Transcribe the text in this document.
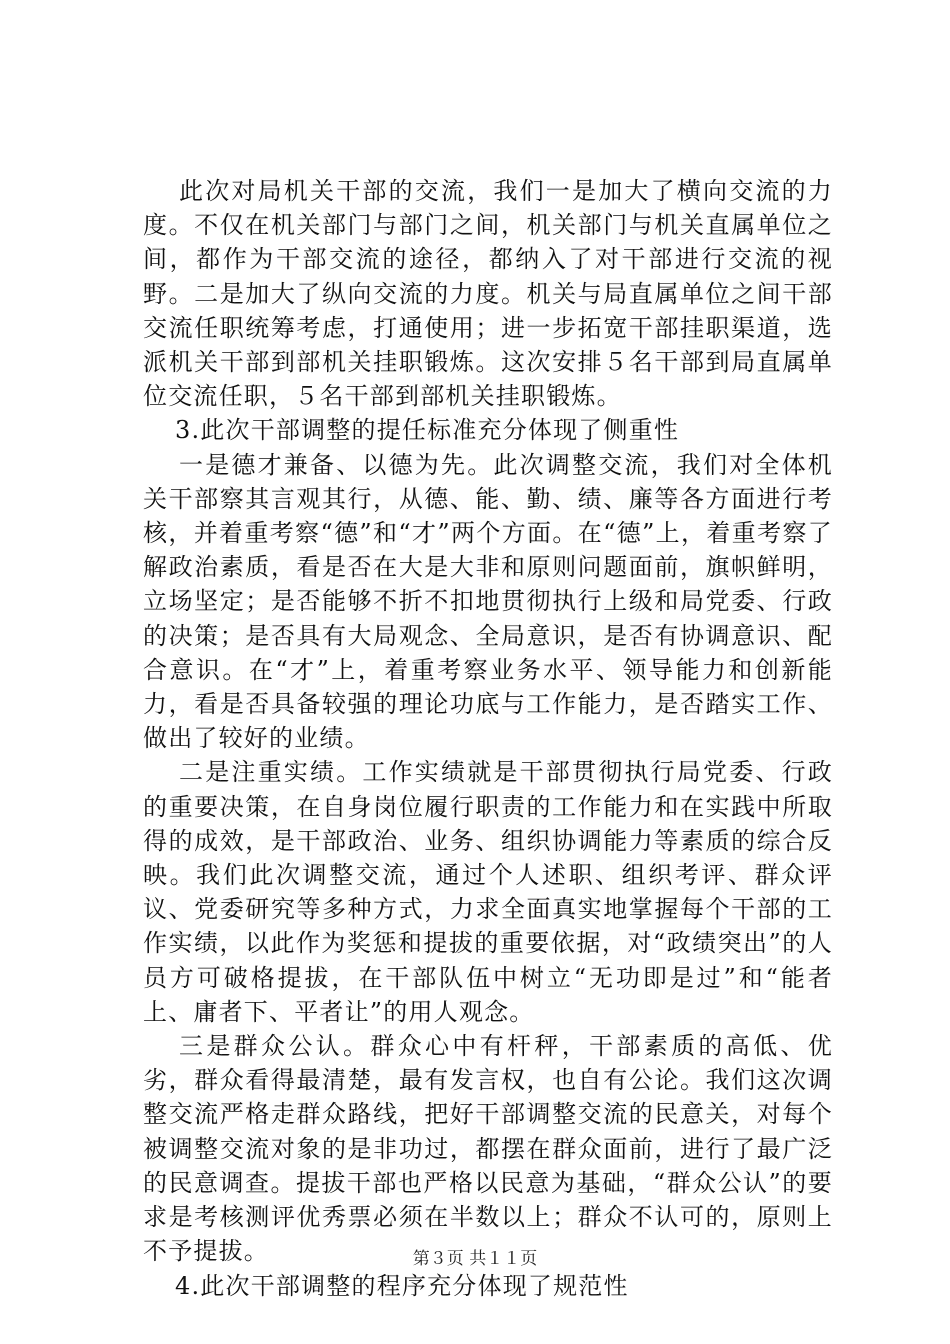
此次对局机关干部的交流，我们一是加大了横向交流的力度。不仅在机关部门与部门之间，机关部门与机关直属单位之间，都作为干部交流的途径，都纳入了对干部进行交流的视野。二是加大了纵向交流的力度。机关与局直属单位之间干部交流任职统筹考虑，打通使用；进一步拓宽干部挂职渠道，选派机关干部到部机关挂职锻炼。这次安排５名干部到局直属单位交流任职，５名干部到部机关挂职锻炼。

3.此次干部调整的提任标准充分体现了侧重性

一是德才兼备、以德为先。此次调整交流，我们对全体机关干部察其言观其行，从德、能、勤、绩、廉等各方面进行考核，并着重考察“德”和“才”两个方面。在“德”上，着重考察了解政治素质，看是否在大是大非和原则问题面前，旗帜鲜明，立场坚定；是否能够不折不扣地贯彻执行上级和局党委、行政的决策；是否具有大局观念、全局意识，是否有协调意识、配合意识。在“才”上，着重考察业务水平、领导能力和创新能力，看是否具备较强的理论功底与工作能力，是否踏实工作、做出了较好的业绩。

二是注重实绩。工作实绩就是干部贯彻执行局党委、行政的重要决策，在自身岗位履行职责的工作能力和在实践中所取得的成效，是干部政治、业务、组织协调能力等素质的综合反映。我们此次调整交流，通过个人述职、组织考评、群众评议、党委研究等多种方式，力求全面真实地掌握每个干部的工作实绩，以此作为奖惩和提拔的重要依据，对“政绩突出”的人员方可破格提拔，在干部队伍中树立“无功即是过”和“能者上、庸者下、平者让”的用人观念。

三是群众公认。群众心中有杆秤，干部素质的高低、优劣，群众看得最清楚，最有发言权，也自有公论。我们这次调整交流严格走群众路线，把好干部调整交流的民意关，对每个被调整交流对象的是非功过，都摆在群众面前，进行了最广泛的民意调查。提拔干部也严格以民意为基础，“群众公认”的要求是考核测评优秀票必须在半数以上；群众不认可的，原则上不予提拔。

4.此次干部调整的程序充分体现了规范性

第３页 共１１页
